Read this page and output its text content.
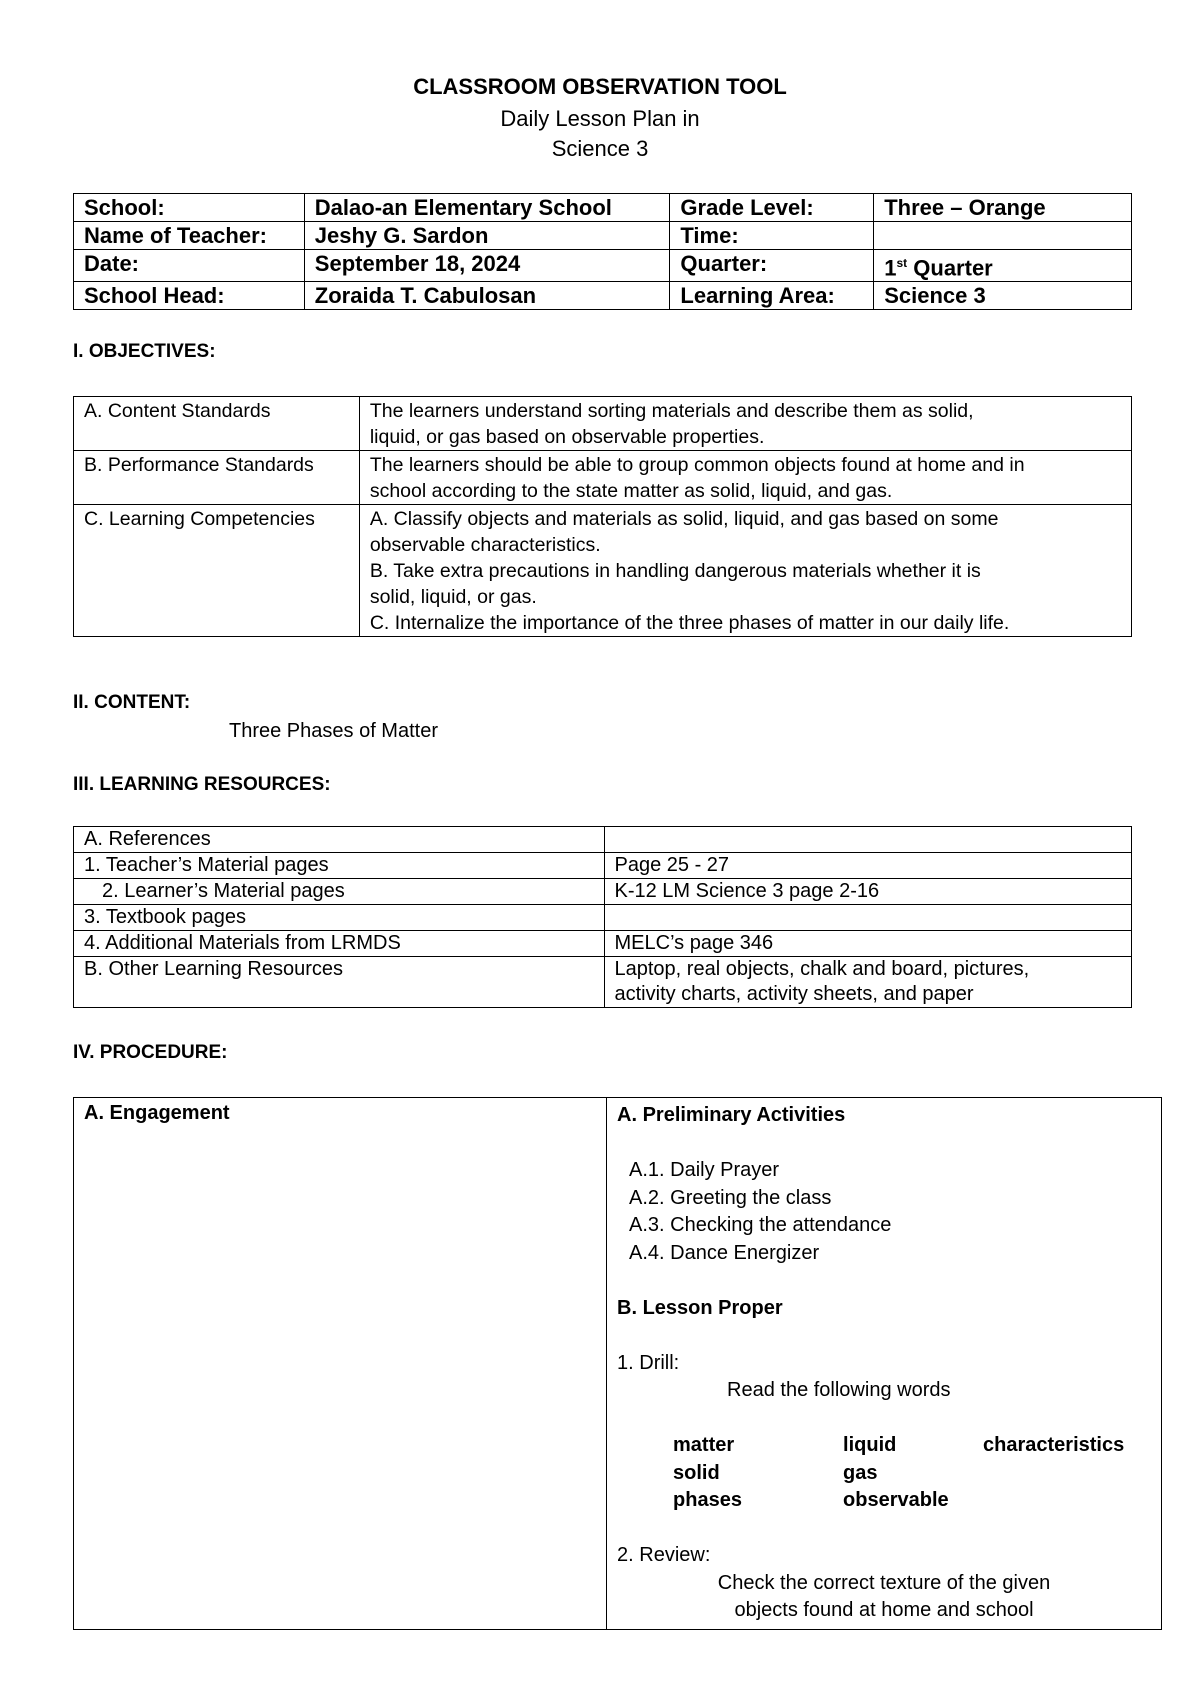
CLASSROOM OBSERVATION TOOL
Daily Lesson Plan in
Science 3
School:	Dalao-an Elementary School	Grade Level:	Three – Orange
Name of Teacher:	Jeshy G. Sardon	Time:	
Date:	September 18, 2024	Quarter:	1st Quarter
School Head:	Zoraida T. Cabulosan	Learning Area:	Science 3
I. OBJECTIVES:
A. Content Standards	The learners understand sorting materials and describe them as solid,
liquid, or gas based on observable properties.

B. Performance Standards	The learners should be able to group common objects found at home and in
school according to the state matter as solid, liquid, and gas.

C. Learning Competencies	A. Classify objects and materials as solid, liquid, and gas based on some
observable characteristics.
B. Take extra precautions in handling dangerous materials whether it is
solid, liquid, or gas.
C. Internalize the importance of the three phases of matter in our daily life.
II. CONTENT:
Three Phases of Matter
III. LEARNING RESOURCES:
A. References	
1. Teacher’s Material pages	Page 25 - 27
2. Learner’s Material pages	K-12 LM Science 3 page 2-16
3. Textbook pages	
4. Additional Materials from LRMDS	MELC’s page 346
B. Other Learning Resources	Laptop, real objects, chalk and board, pictures,
activity charts, activity sheets, and paper
IV. PROCEDURE:
A. Engagement	A. Preliminary Activities
A.1. Daily Prayer
A.2. Greeting the class
A.3. Checking the attendance
A.4. Dance Energizer
B. Lesson Proper
1. Drill:
Read the following words
matter	liquid	characteristics
solid	gas
phases	observable
2. Review:
Check the correct texture of the given
objects found at home and school
